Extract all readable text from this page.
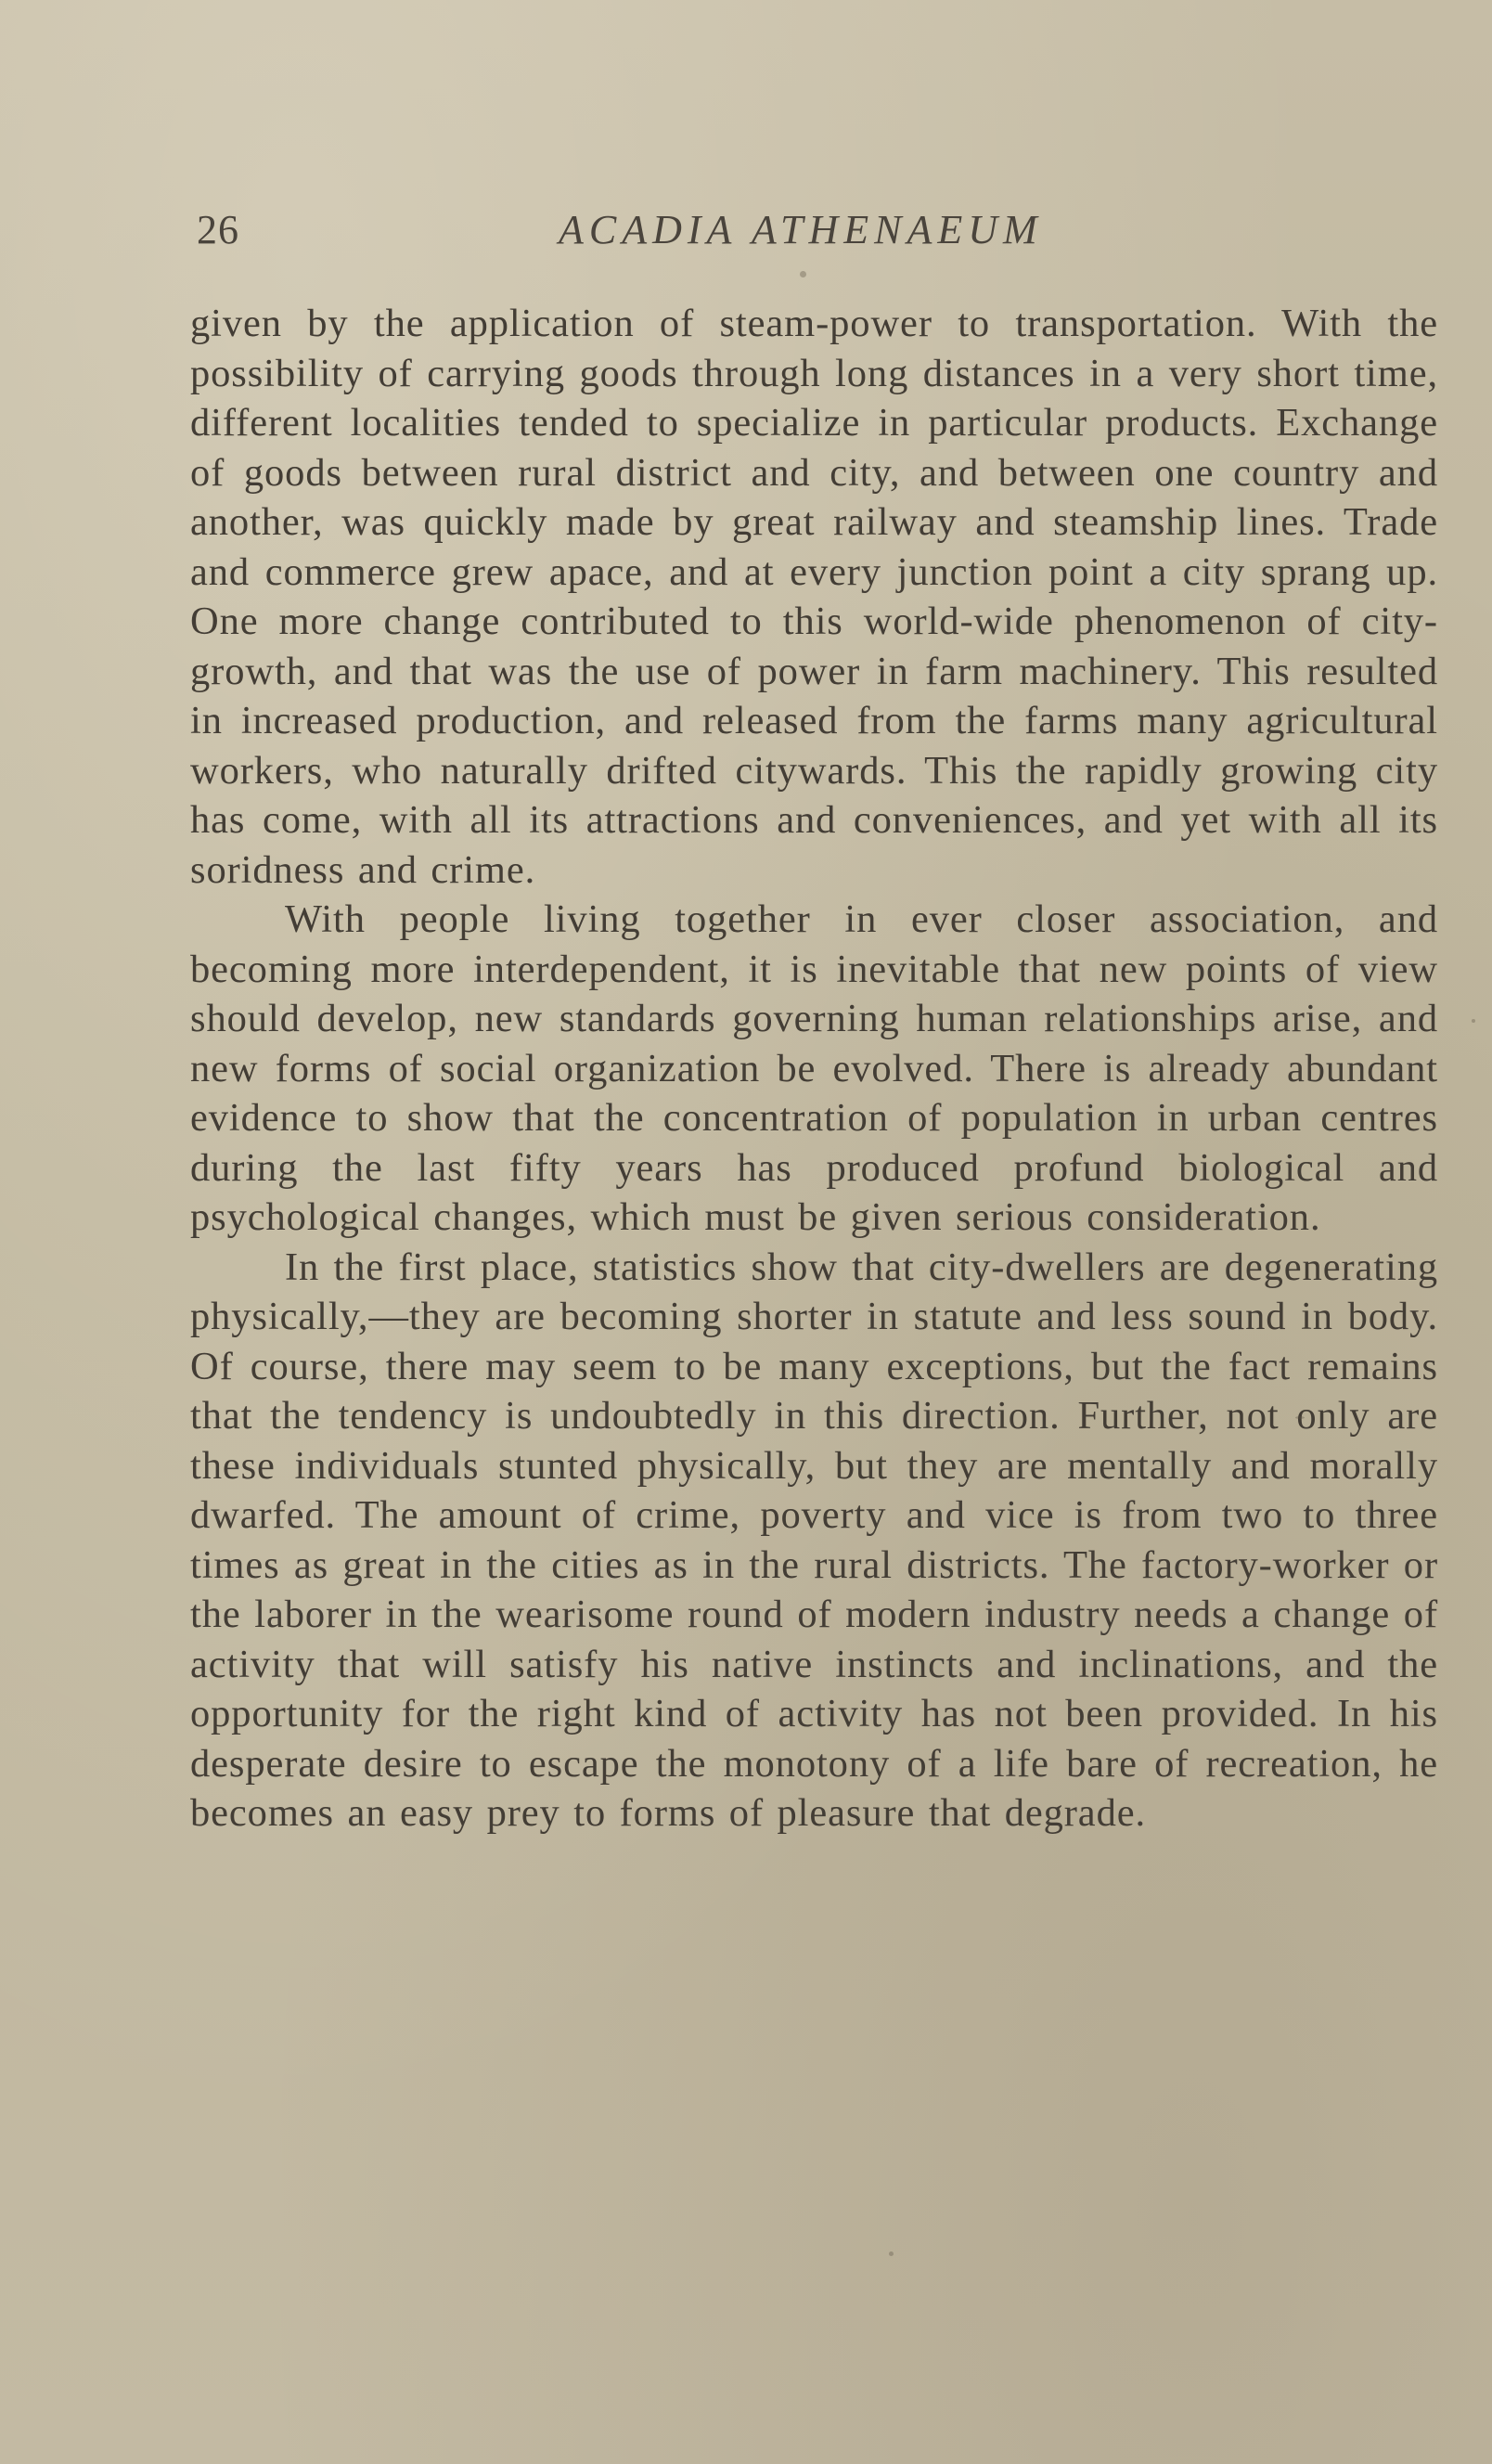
26	ACADIA ATHENAEUM

given by the application of steam-power to transportation. With the possibility of carrying goods through long distances in a very short time, different localities tended to specialize in particular products. Exchange of goods between rural district and city, and between one country and another, was quickly made by great railway and steamship lines. Trade and commerce grew apace, and at every junction point a city sprang up. One more change contributed to this world-wide phenomenon of city-growth, and that was the use of power in farm machinery. This resulted in increased production, and released from the farms many agricultural workers, who naturally drifted citywards. This the rapidly growing city has come, with all its attractions and conveniences, and yet with all its soridness and crime.

With people living together in ever closer association, and becoming more interdependent, it is inevitable that new points of view should develop, new standards governing human relationships arise, and new forms of social organization be evolved. There is already abundant evidence to show that the concentration of population in urban centres during the last fifty years has produced profund biological and psychological changes, which must be given serious consideration.

In the first place, statistics show that city-dwellers are degenerating physically,—they are becoming shorter in statute and less sound in body. Of course, there may seem to be many exceptions, but the fact remains that the tendency is undoubtedly in this direction. Further, not only are these individuals stunted physically, but they are mentally and morally dwarfed. The amount of crime, poverty and vice is from two to three times as great in the cities as in the rural districts. The factory-worker or the laborer in the wearisome round of modern industry needs a change of activity that will satisfy his native instincts and inclinations, and the opportunity for the right kind of activity has not been provided. In his desperate desire to escape the monotony of a life bare of recreation, he becomes an easy prey to forms of pleasure that degrade.
